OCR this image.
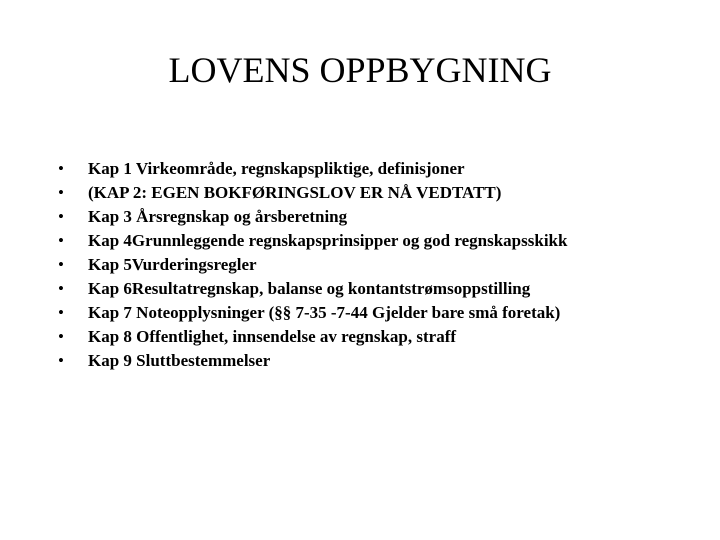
LOVENS OPPBYGNING
•	Kap 1 Virkeområde, regnskapspliktige, definisjoner
•	(KAP 2: EGEN BOKFØRINGSLOV ER NÅ VEDTATT)
•	Kap 3 Årsregnskap og årsberetning
•	Kap 4Grunnleggende regnskapsprinsipper og god regnskapsskikk
•	Kap 5Vurderingsregler
•	Kap 6Resultatregnskap, balanse og kontantstrømsoppstilling
•	Kap 7 Noteopplysninger (§§ 7-35 -7-44 Gjelder bare små foretak)
•	Kap 8 Offentlighet, innsendelse av regnskap, straff
•	Kap 9 Sluttbestemmelser
